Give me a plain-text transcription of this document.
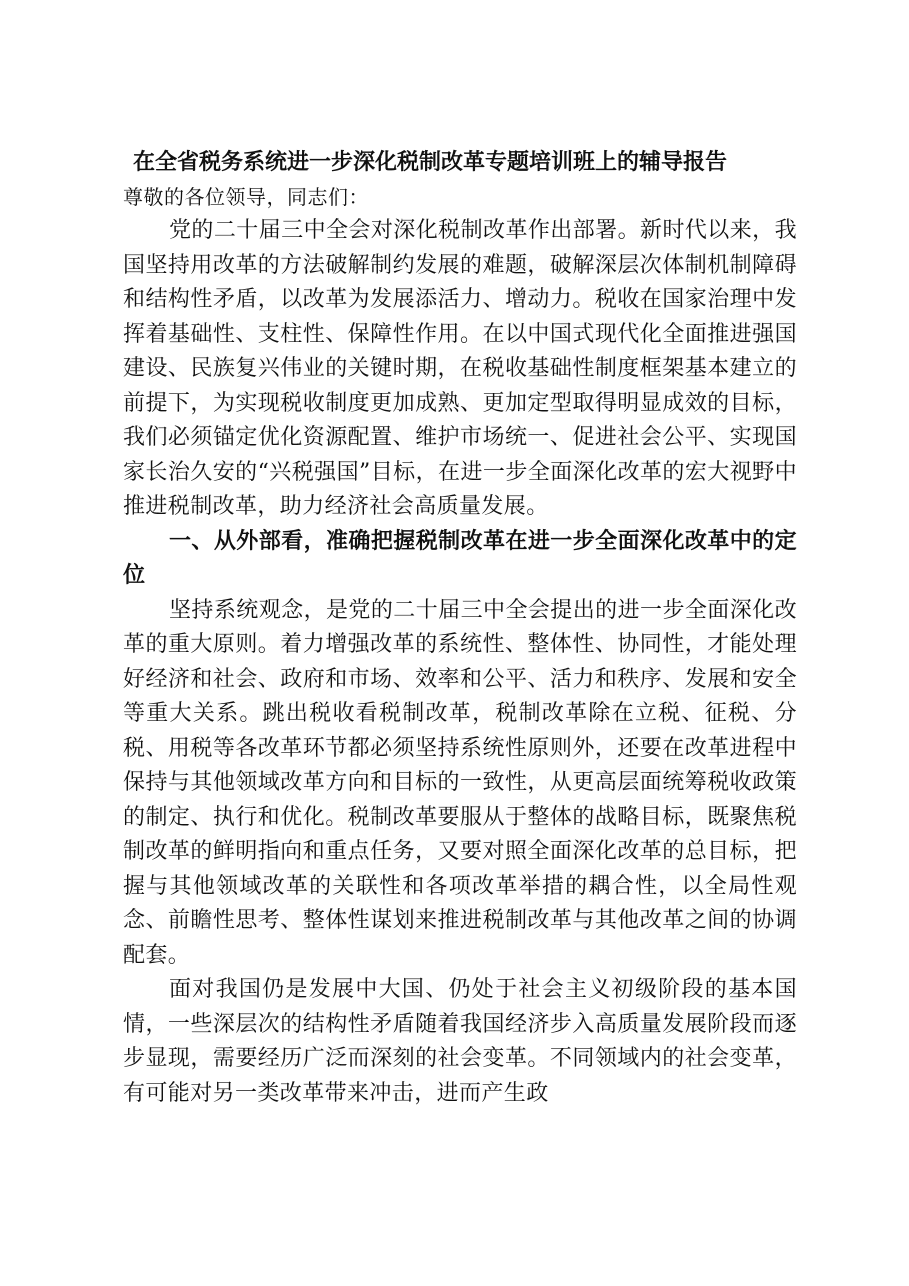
在全省税务系统进一步深化税制改革专题培训班上的辅导报告

尊敬的各位领导，同志们：

党的二十届三中全会对深化税制改革作出部署。新时代以来，我国坚持用改革的方法破解制约发展的难题，破解深层次体制机制障碍和结构性矛盾，以改革为发展添活力、增动力。税收在国家治理中发挥着基础性、支柱性、保障性作用。在以中国式现代化全面推进强国建设、民族复兴伟业的关键时期，在税收基础性制度框架基本建立的前提下，为实现税收制度更加成熟、更加定型取得明显成效的目标，我们必须锚定优化资源配置、维护市场统一、促进社会公平、实现国家长治久安的“兴税强国”目标，在进一步全面深化改革的宏大视野中推进税制改革，助力经济社会高质量发展。

一、从外部看，准确把握税制改革在进一步全面深化改革中的定位

坚持系统观念，是党的二十届三中全会提出的进一步全面深化改革的重大原则。着力增强改革的系统性、整体性、协同性，才能处理好经济和社会、政府和市场、效率和公平、活力和秩序、发展和安全等重大关系。跳出税收看税制改革，税制改革除在立税、征税、分税、用税等各改革环节都必须坚持系统性原则外，还要在改革进程中保持与其他领域改革方向和目标的一致性，从更高层面统筹税收政策的制定、执行和优化。税制改革要服从于整体的战略目标，既聚焦税制改革的鲜明指向和重点任务，又要对照全面深化改革的总目标，把握与其他领域改革的关联性和各项改革举措的耦合性，以全局性观念、前瞻性思考、整体性谋划来推进税制改革与其他改革之间的协调配套。

面对我国仍是发展中大国、仍处于社会主义初级阶段的基本国情，一些深层次的结构性矛盾随着我国经济步入高质量发展阶段而逐步显现，需要经历广泛而深刻的社会变革。不同领域内的社会变革，有可能对另一类改革带来冲击，进而产生政
